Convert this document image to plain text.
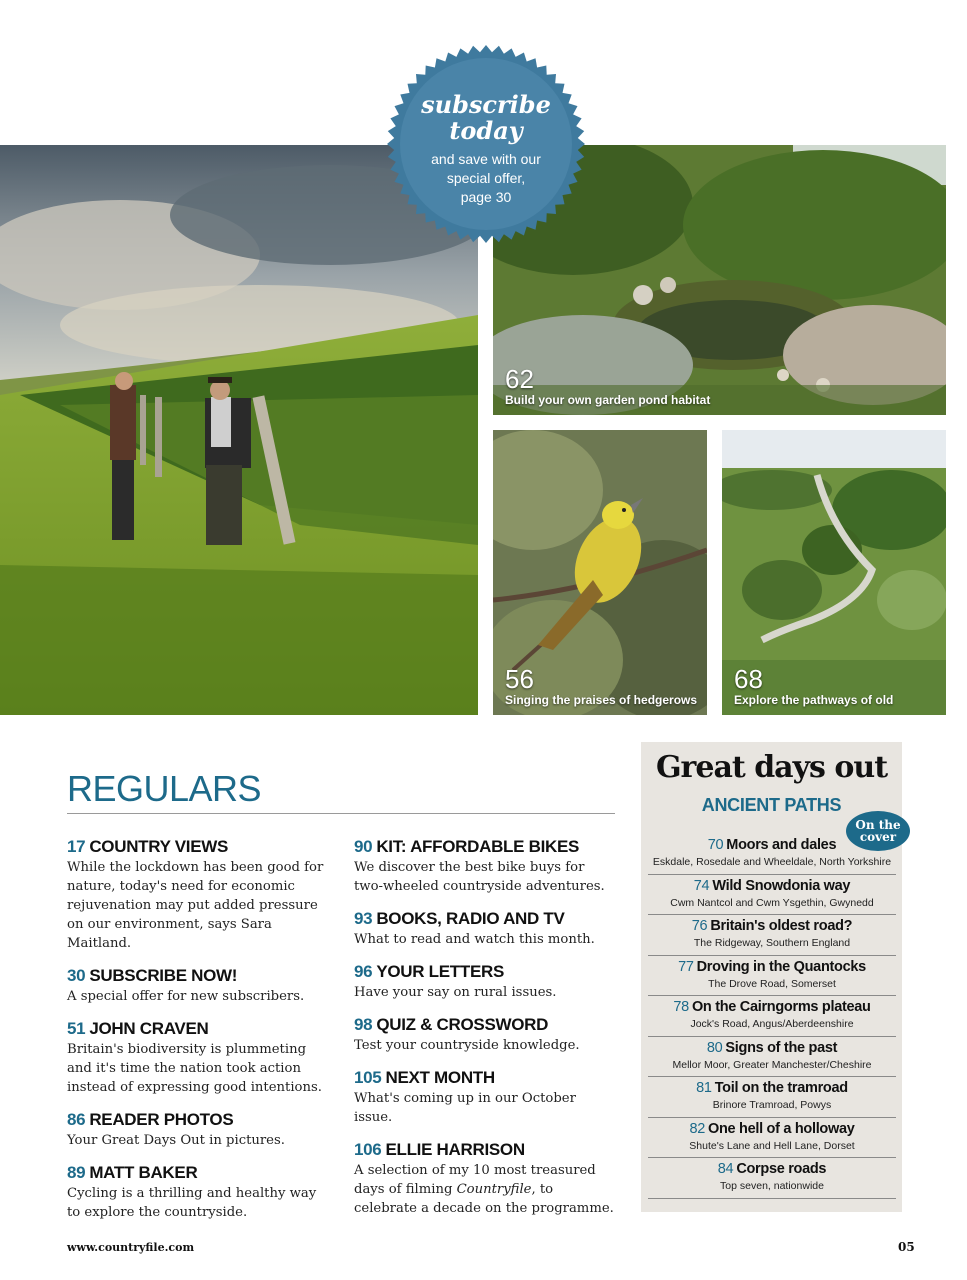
62
Build your own garden pond habitat
56
Singing the praises of hedgerows
68
Explore the pathways of old
subscribe
today
and save with our
special offer,
page 30
REGULARS
17 COUNTRY VIEWS
While the lockdown has been good for nature, today's need for economic rejuvenation may put added pressure on our environment, says Sara Maitland.
30 SUBSCRIBE NOW!
A special offer for new subscribers.
51 JOHN CRAVEN
Britain's biodiversity is plummeting and it's time the nation took action instead of expressing good intentions.
86 READER PHOTOS
Your Great Days Out in pictures.
89 MATT BAKER
Cycling is a thrilling and healthy way to explore the countryside.
90 KIT: AFFORDABLE BIKES
We discover the best bike buys for two-wheeled countryside adventures.
93 BOOKS, RADIO AND TV
What to read and watch this month.
96 YOUR LETTERS
Have your say on rural issues.
98 QUIZ & CROSSWORD
Test your countryside knowledge.
105 NEXT MONTH
What's coming up in our October issue.
106 ELLIE HARRISON
A selection of my 10 most treasured days of filming Countryfile, to celebrate a decade on the programme.
Great days out
ANCIENT PATHS
70 Moors and dales
Eskdale, Rosedale and Wheeldale, North Yorkshire
74 Wild Snowdonia way
Cwm Nantcol and Cwm Ysgethin, Gwynedd
76 Britain's oldest road?
The Ridgeway, Southern England
77 Droving in the Quantocks
The Drove Road, Somerset
78 On the Cairngorms plateau
Jock's Road, Angus/Aberdeenshire
80 Signs of the past
Mellor Moor, Greater Manchester/Cheshire
81 Toil on the tramroad
Brinore Tramroad, Powys
82 One hell of a holloway
Shute's Lane and Hell Lane, Dorset
84 Corpse roads
Top seven, nationwide
On the
cover
www.countryfile.com	05
